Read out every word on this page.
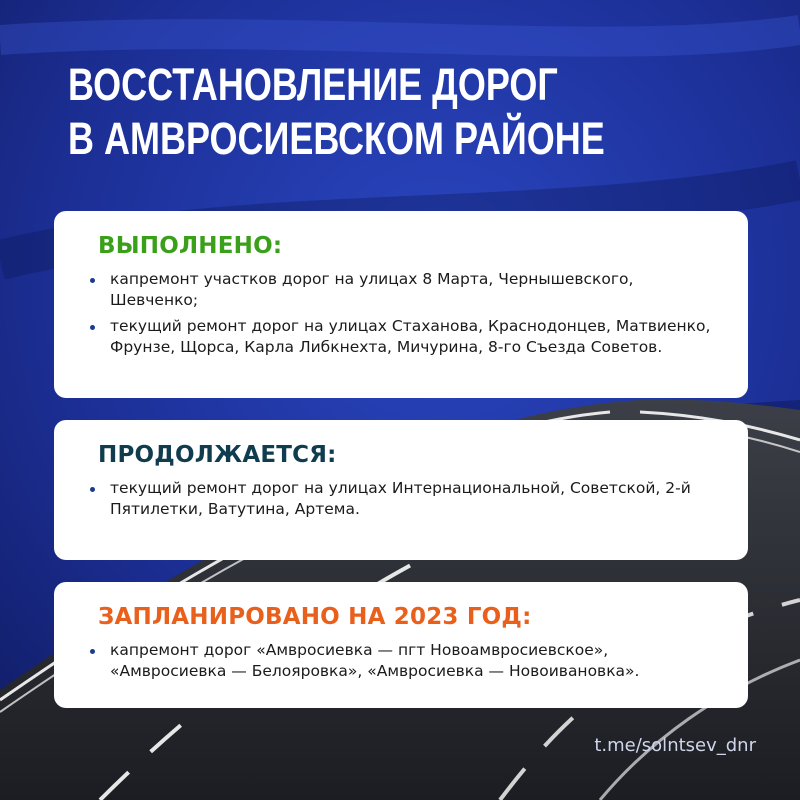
ВОССТАНОВЛЕНИЕ ДОРОГ
В АМВРОСИЕВСКОМ РАЙОНЕ
ВЫПОЛНЕНО:
капремонт участков дорог на улицах 8 Марта, Чернышевского, Шевченко;
текущий ремонт дорог на улицах Стаханова, Краснодонцев, Матвиенко, Фрунзе, Щорса, Карла Либкнехта, Мичурина, 8-го Съезда Советов.
ПРОДОЛЖАЕТСЯ:
текущий ремонт дорог на улицах Интернациональной, Советской, 2-й Пятилетки, Ватутина, Артема.
ЗАПЛАНИРОВАНО НА 2023 ГОД:
капремонт дорог «Амвросиевка — пгт Новоамвросиевское», «Амвросиевка — Белояровка», «Амвросиевка — Новоивановка».
t.me/solntsev_dnr
